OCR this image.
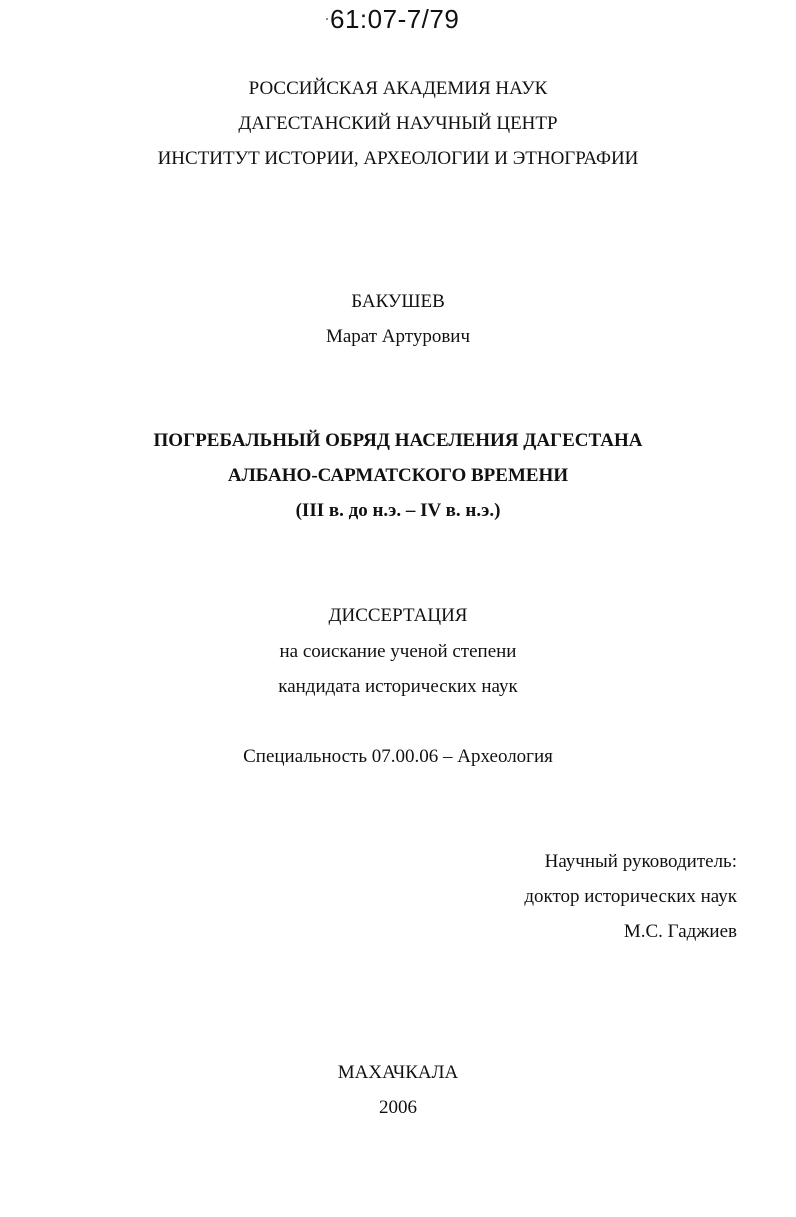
61:07-7/79
РОССИЙСКАЯ АКАДЕМИЯ НАУК
ДАГЕСТАНСКИЙ НАУЧНЫЙ ЦЕНТР
ИНСТИТУТ ИСТОРИИ, АРХЕОЛОГИИ И ЭТНОГРАФИИ
БАКУШЕВ
Марат Артурович
ПОГРЕБАЛЬНЫЙ ОБРЯД НАСЕЛЕНИЯ ДАГЕСТАНА
АЛБАНО-САРМАТСКОГО ВРЕМЕНИ
(III в. до н.э. – IV в. н.э.)
ДИССЕРТАЦИЯ
на соискание ученой степени
кандидата исторических наук
Специальность 07.00.06 – Археология
Научный руководитель:
доктор исторических наук
М.С. Гаджиев
МАХАЧКАЛА
2006
